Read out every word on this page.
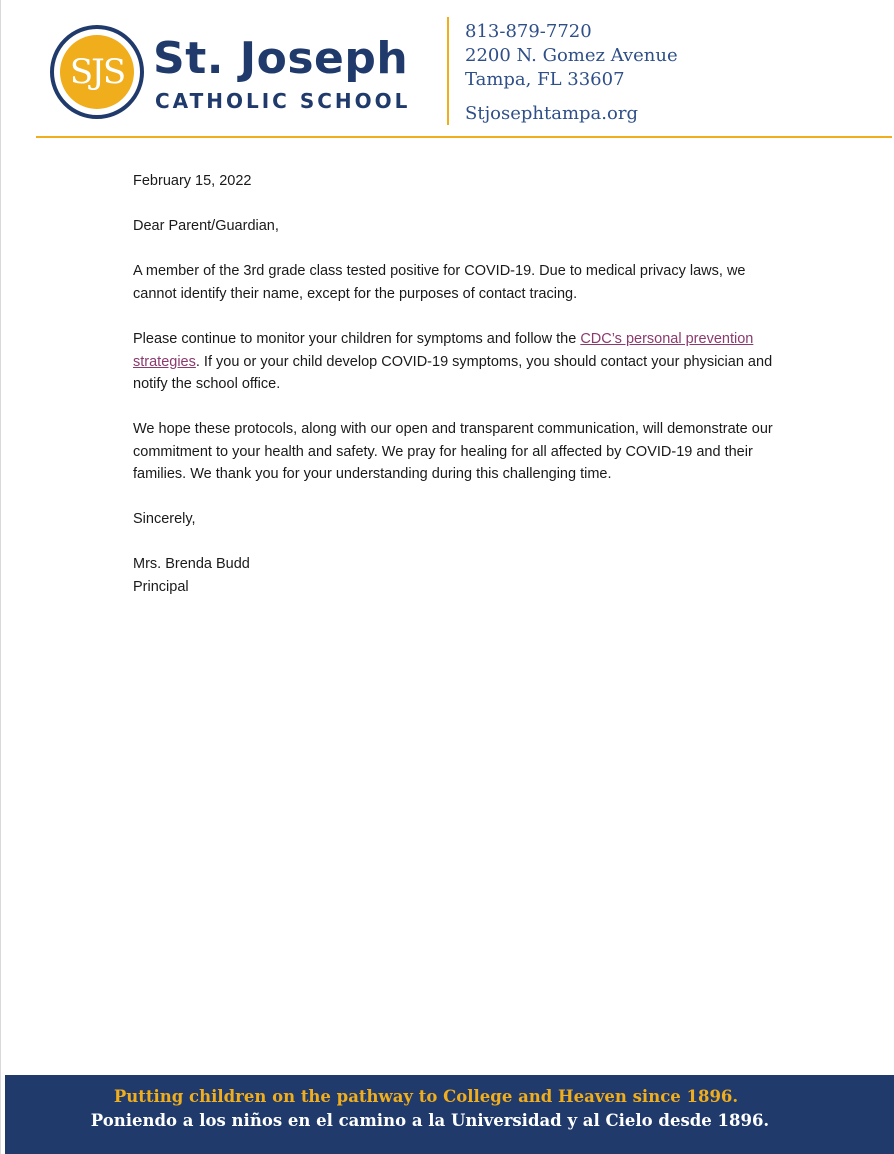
SJS St. Joseph
CATHOLIC SCHOOL
813-879-7720
2200 N. Gomez Avenue
Tampa, FL 33607
Stjosephtampa.org
February 15, 2022
Dear Parent/Guardian,
A member of the 3rd grade class tested positive for COVID-19. Due to medical privacy laws, we cannot identify their name, except for the purposes of contact tracing.
Please continue to monitor your children for symptoms and follow the CDC’s personal prevention strategies. If you or your child develop COVID-19 symptoms, you should contact your physician and notify the school office.
We hope these protocols, along with our open and transparent communication, will demonstrate our commitment to your health and safety. We pray for healing for all affected by COVID-19 and their families. We thank you for your understanding during this challenging time.
Sincerely,
Mrs. Brenda Budd
Principal
Putting children on the pathway to College and Heaven since 1896.
Poniendo a los niños en el camino a la Universidad y al Cielo desde 1896.
